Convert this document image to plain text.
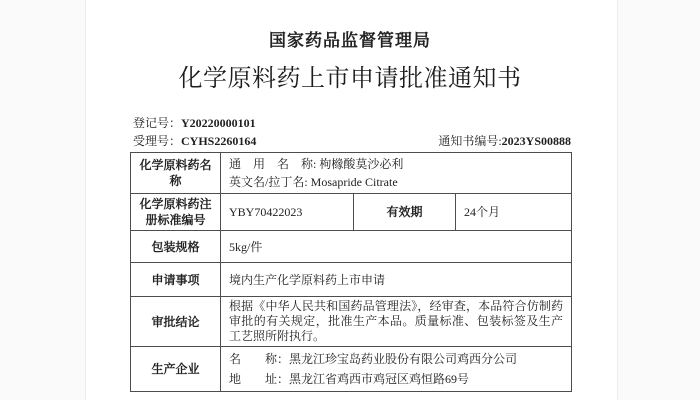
国家药品监督管理局
化学原料药上市申请批准通知书
登记号：Y20220000101
受理号：CYHS2260164	通知书编号:2023YS00888
化学原料药名称	通　用　名　称: 枸橼酸莫沙必利
英文名/拉丁名: Mosapride Citrate		

化学原料药注册标准编号	YBY70422023	有效期	24个月
包装规格	5kg/件		
申请事项	境内生产化学原料药上市申请		
审批结论	根据《中华人民共和国药品管理法》，经审查，本品符合仿制药审批的有关规定，批准生产本品。质量标准、包装标签及生产工艺照所附执行。		

生产企业	名　　称：黑龙江珍宝岛药业股份有限公司鸡西分公司
地　　址：黑龙江省鸡西市鸡冠区鸡恒路69号		
